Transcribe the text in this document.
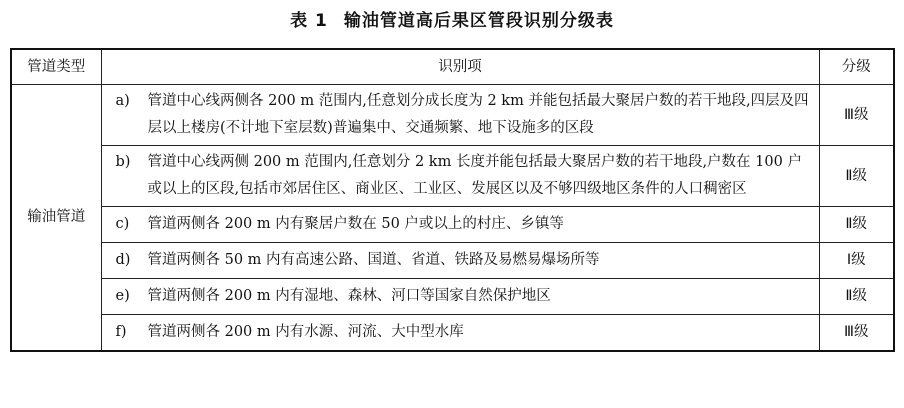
表 1 输油管道高后果区管段识别分级表
管道类型	识别项	分级
输油管道	a) 管道中心线两侧各 200 m 范围内,任意划分成长度为 2 km 并能包括最大聚居户数的若干地段,四层及四层以上楼房(不计地下室层数)普遍集中、交通频繁、地下设施多的区段	Ⅲ级

	b) 管道中心线两侧 200 m 范围内,任意划分 2 km 长度并能包括最大聚居户数的若干地段,户数在 100 户或以上的区段,包括市郊居住区、商业区、工业区、发展区以及不够四级地区条件的人口稠密区	Ⅱ级

	c) 管道两侧各 200 m 内有聚居户数在 50 户或以上的村庄、乡镇等	Ⅱ级

	d) 管道两侧各 50 m 内有高速公路、国道、省道、铁路及易燃易爆场所等	Ⅰ级

	e) 管道两侧各 200 m 内有湿地、森林、河口等国家自然保护地区	Ⅱ级

	f) 管道两侧各 200 m 内有水源、河流、大中型水库	Ⅲ级
